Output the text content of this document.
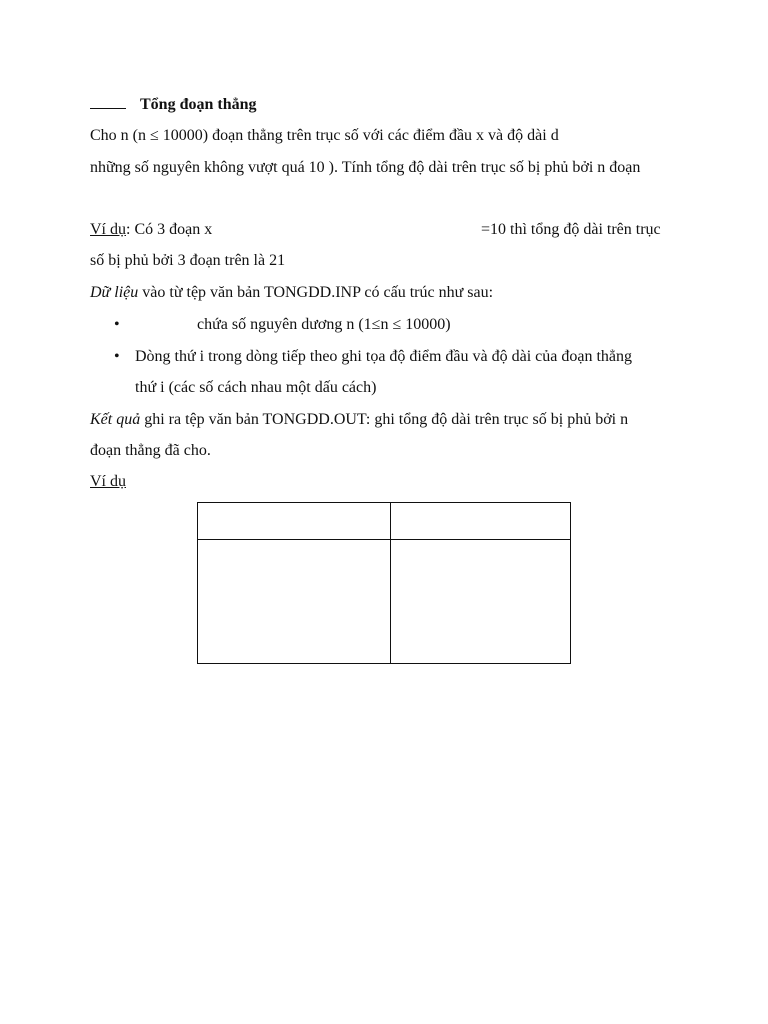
Tổng đoạn thẳng
Cho n (n ≤ 10000) đoạn thẳng trên trục số với các điểm đầu x và độ dài d
những số nguyên không vượt quá 10 ). Tính tổng độ dài trên trục số bị phủ bởi n đoạn
Ví dụ: Có 3 đoạn x	=10 thì tổng độ dài trên trục
số bị phủ bởi 3 đoạn trên là 21
Dữ liệu vào từ tệp văn bản TONGDD.INP có cấu trúc như sau:
•	chứa số nguyên dương n (1≤n ≤ 10000)
• Dòng thứ i trong dòng tiếp theo ghi tọa độ điểm đầu và độ dài của đoạn thẳng
thứ i (các số cách nhau một dấu cách)
Kết quả ghi ra tệp văn bản TONGDD.OUT: ghi tổng độ dài trên trục số bị phủ bởi n
đoạn thẳng đã cho.
Ví dụ
